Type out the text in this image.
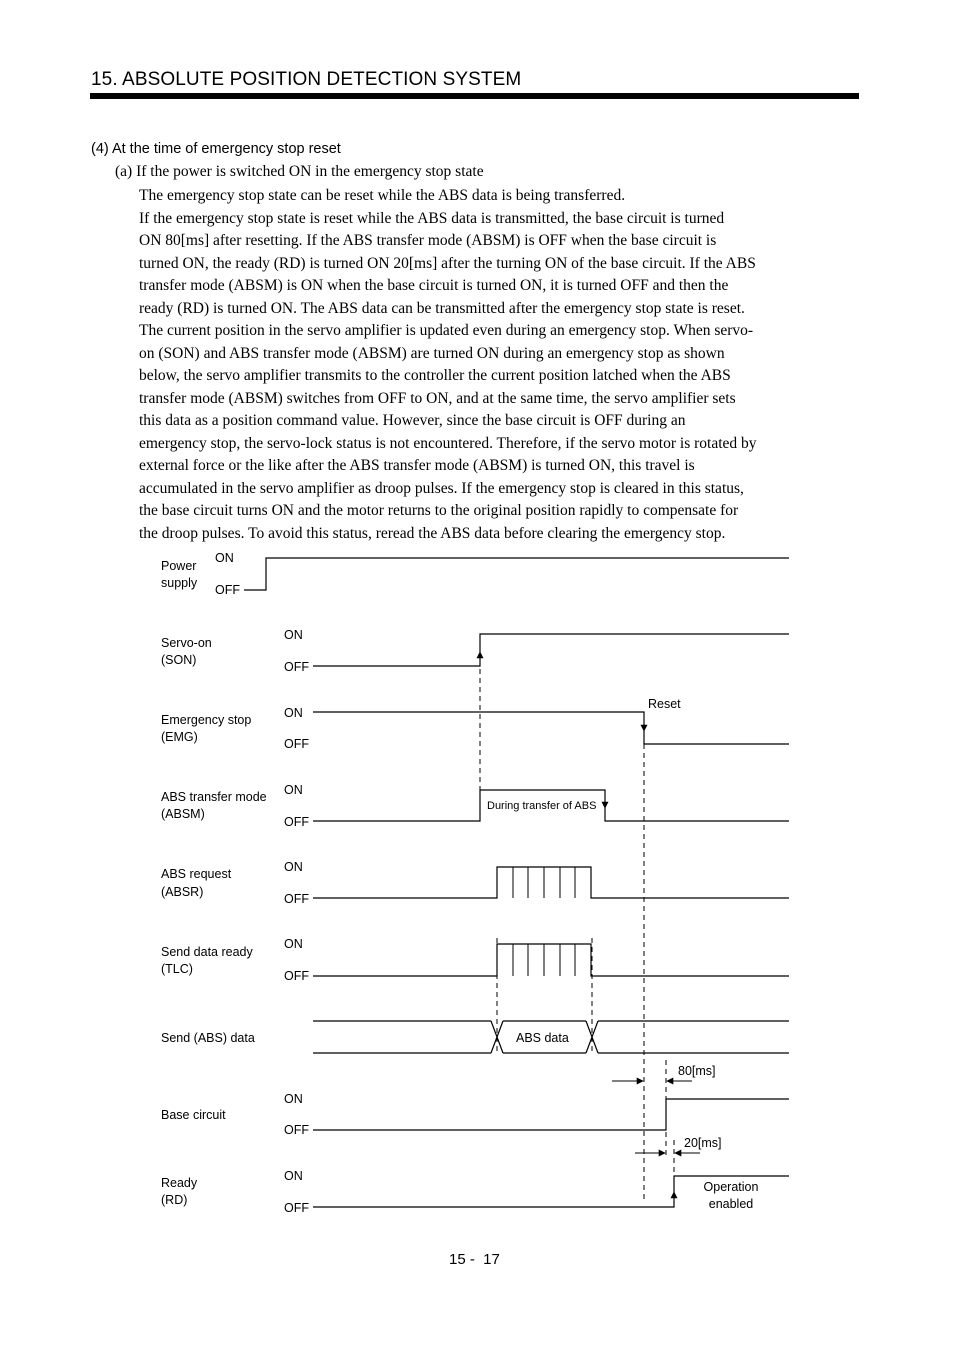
15. ABSOLUTE POSITION DETECTION SYSTEM
(4) At the time of emergency stop reset
(a) If the power is switched ON in the emergency stop state
The emergency stop state can be reset while the ABS data is being transferred.
If the emergency stop state is reset while the ABS data is transmitted, the base circuit is turned
ON 80[ms] after resetting. If the ABS transfer mode (ABSM) is OFF when the base circuit is
turned ON, the ready (RD) is turned ON 20[ms] after the turning ON of the base circuit. If the ABS
transfer mode (ABSM) is ON when the base circuit is turned ON, it is turned OFF and then the
ready (RD) is turned ON. The ABS data can be transmitted after the emergency stop state is reset.
The current position in the servo amplifier is updated even during an emergency stop. When servo-
on (SON) and ABS transfer mode (ABSM) are turned ON during an emergency stop as shown
below, the servo amplifier transmits to the controller the current position latched when the ABS
transfer mode (ABSM) switches from OFF to ON, and at the same time, the servo amplifier sets
this data as a position command value. However, since the base circuit is OFF during an
emergency stop, the servo-lock status is not encountered. Therefore, if the servo motor is rotated by
external force or the like after the ABS transfer mode (ABSM) is turned ON, this travel is
accumulated in the servo amplifier as droop pulses. If the emergency stop is cleared in this status,
the base circuit turns ON and the motor returns to the original position rapidly to compensate for
the droop pulses. To avoid this status, reread the ABS data before clearing the emergency stop.
Power
supply
ON
OFF
Servo-on
(SON)
ON
OFF
Emergency stop
(EMG)
ON
OFF
Reset
ABS transfer mode
(ABSM)
ON
OFF
During transfer of ABS
ABS request
(ABSR)
ON
OFF
Send data ready
(TLC)
ON
OFF
Send (ABS) data	ABS data
80[ms]
Base circuit
ON
OFF
20[ms]
Ready
(RD)
ON
OFF
Operation
enabled
15 -  17
